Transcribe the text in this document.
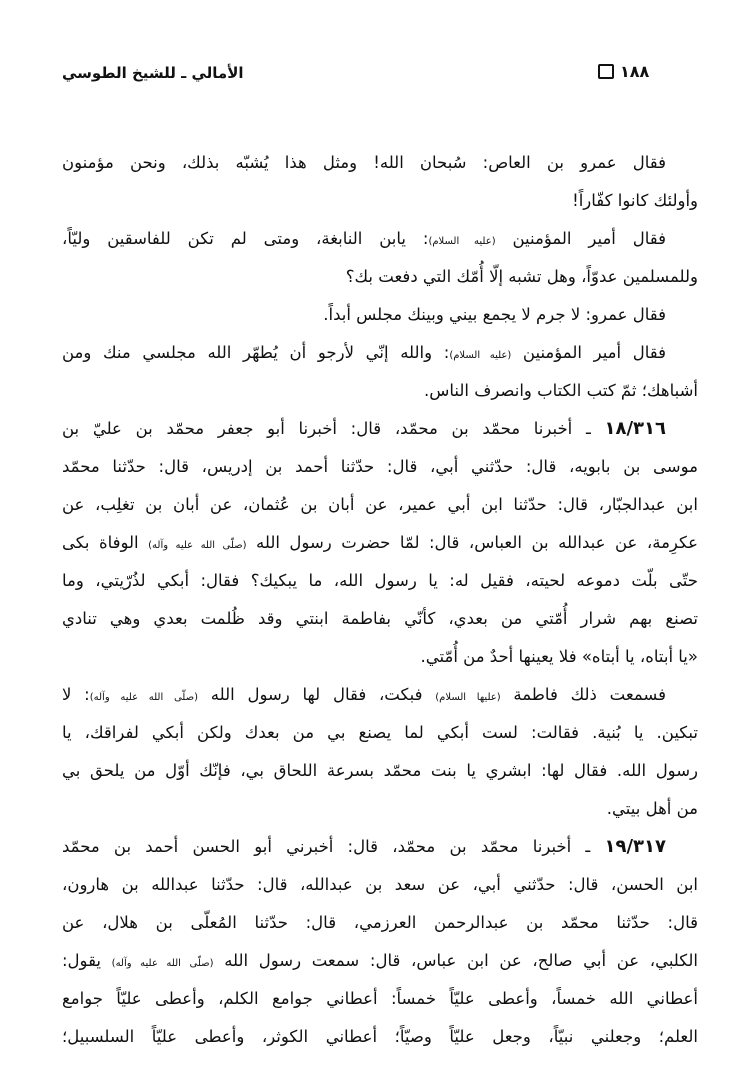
الأمالي ـ للشيخ الطوسي	١٨٨
فقال عمرو بن العاص: سُبحان الله! ومثل هذا يُشبّه بذلك، ونحن مؤمنون
وأولئك كانوا كفّاراً!
فقال أمير المؤمنين (عليه السلام): يابن النابغة، ومتى لم تكن للفاسقين وليّاً،
وللمسلمين عدوّاً، وهل تشبه إلّا أُمّك التي دفعت بك؟
فقال عمرو: لا جرم لا يجمع بيني وبينك مجلس أبداً.
فقال أمير المؤمنين (عليه السلام): والله إنّي لأرجو أن يُطهّر الله مجلسي منك ومن
أشباهك؛ ثمّ كتب الكتاب وانصرف الناس.
١٨/٣١٦ ـ أخبرنا محمّد بن محمّد، قال: أخبرنا أبو جعفر محمّد بن عليّ بن
موسى بن بابويه، قال: حدّثني أبي، قال: حدّثنا أحمد بن إدريس، قال: حدّثنا محمّد
ابن عبدالجبّار، قال: حدّثنا ابن أبي عمير، عن أبان بن عُثمان، عن أبان بن تغلِب، عن
عكرِمة، عن عبدالله بن العباس، قال: لمّا حضرت رسول الله (صلّى الله عليه وآله) الوفاة بكى
حتّى بلّت دموعه لحيته، فقيل له: يا رسول الله، ما يبكيك؟ فقال: أبكي لذُرّيتي، وما
تصنع بهم شرار أُمّتي من بعدي، كأنّي بفاطمة ابنتي وقد ظُلمت بعدي وهي تنادي
«يا أبتاه، يا أبتاه» فلا يعينها أحدٌ من أُمّتي.
فسمعت ذلك فاطمة (عليها السلام) فبكت، فقال لها رسول الله (صلّى الله عليه وآله): لا
تبكين. يا بُنية. فقالت: لست أبكي لما يصنع بي من بعدك ولكن أبكي لفراقك، يا
رسول الله. فقال لها: ابشري يا بنت محمّد بسرعة اللحاق بي، فإنّك أوّل من يلحق بي
من أهل بيتي.
١٩/٣١٧ ـ أخبرنا محمّد بن محمّد، قال: أخبرني أبو الحسن أحمد بن محمّد
ابن الحسن، قال: حدّثني أبي، عن سعد بن عبدالله، قال: حدّثنا عبدالله بن هارون،
قال: حدّثنا محمّد بن عبدالرحمن العرزمي، قال: حدّثنا المُعلّى بن هلال، عن
الكلبي، عن أبي صالح، عن ابن عباس، قال: سمعت رسول الله (صلّى الله عليه وآله) يقول:
أعطاني الله خمساً، وأعطى عليّاً خمساً: أعطاني جوامع الكلم، وأعطى عليّاً جوامع
العلم؛ وجعلني نبيّاً، وجعل عليّاً وصيّاً؛ أعطاني الكوثر، وأعطى عليّاً السلسبيل؛
